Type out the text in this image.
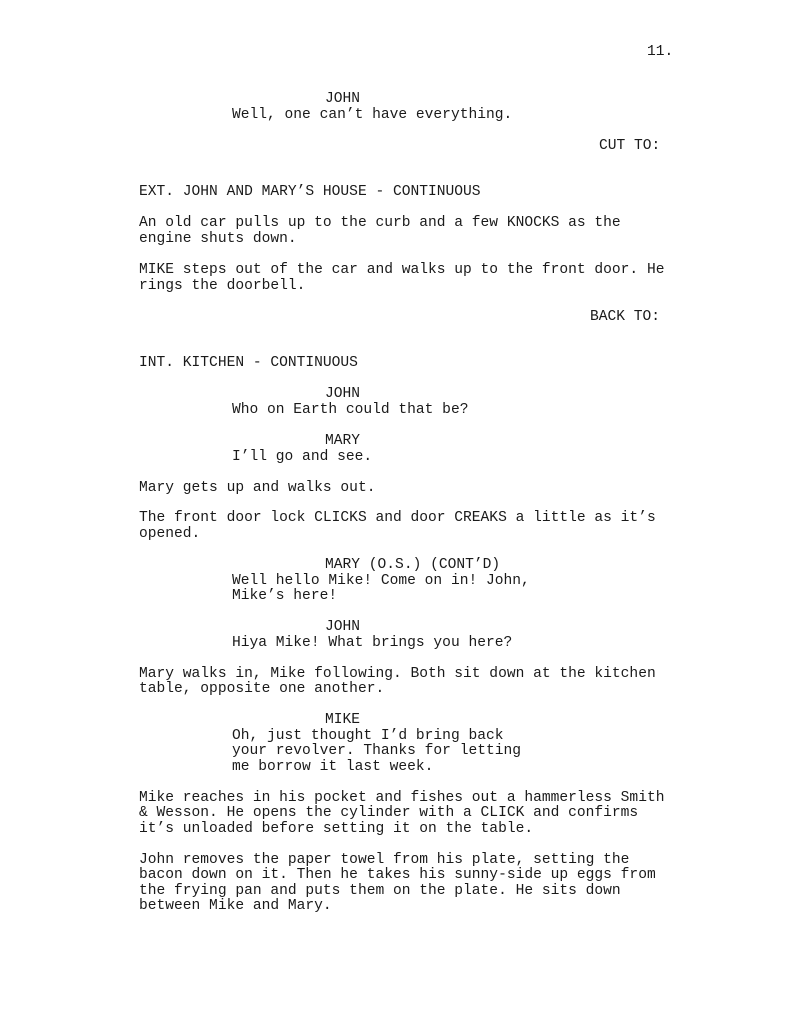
11.
JOHN
Well, one can’t have everything.
CUT TO:
EXT. JOHN AND MARY’S HOUSE - CONTINUOUS
An old car pulls up to the curb and a few KNOCKS as the
engine shuts down.
MIKE steps out of the car and walks up to the front door. He
rings the doorbell.
BACK TO:
INT. KITCHEN - CONTINUOUS
JOHN
Who on Earth could that be?
MARY
I’ll go and see.
Mary gets up and walks out.
The front door lock CLICKS and door CREAKS a little as it’s
opened.
MARY (O.S.) (CONT’D)
Well hello Mike! Come on in! John,
Mike’s here!
JOHN
Hiya Mike! What brings you here?
Mary walks in, Mike following. Both sit down at the kitchen
table, opposite one another.
MIKE
Oh, just thought I’d bring back
your revolver. Thanks for letting
me borrow it last week.
Mike reaches in his pocket and fishes out a hammerless Smith
& Wesson. He opens the cylinder with a CLICK and confirms
it’s unloaded before setting it on the table.
John removes the paper towel from his plate, setting the
bacon down on it. Then he takes his sunny-side up eggs from
the frying pan and puts them on the plate. He sits down
between Mike and Mary.
